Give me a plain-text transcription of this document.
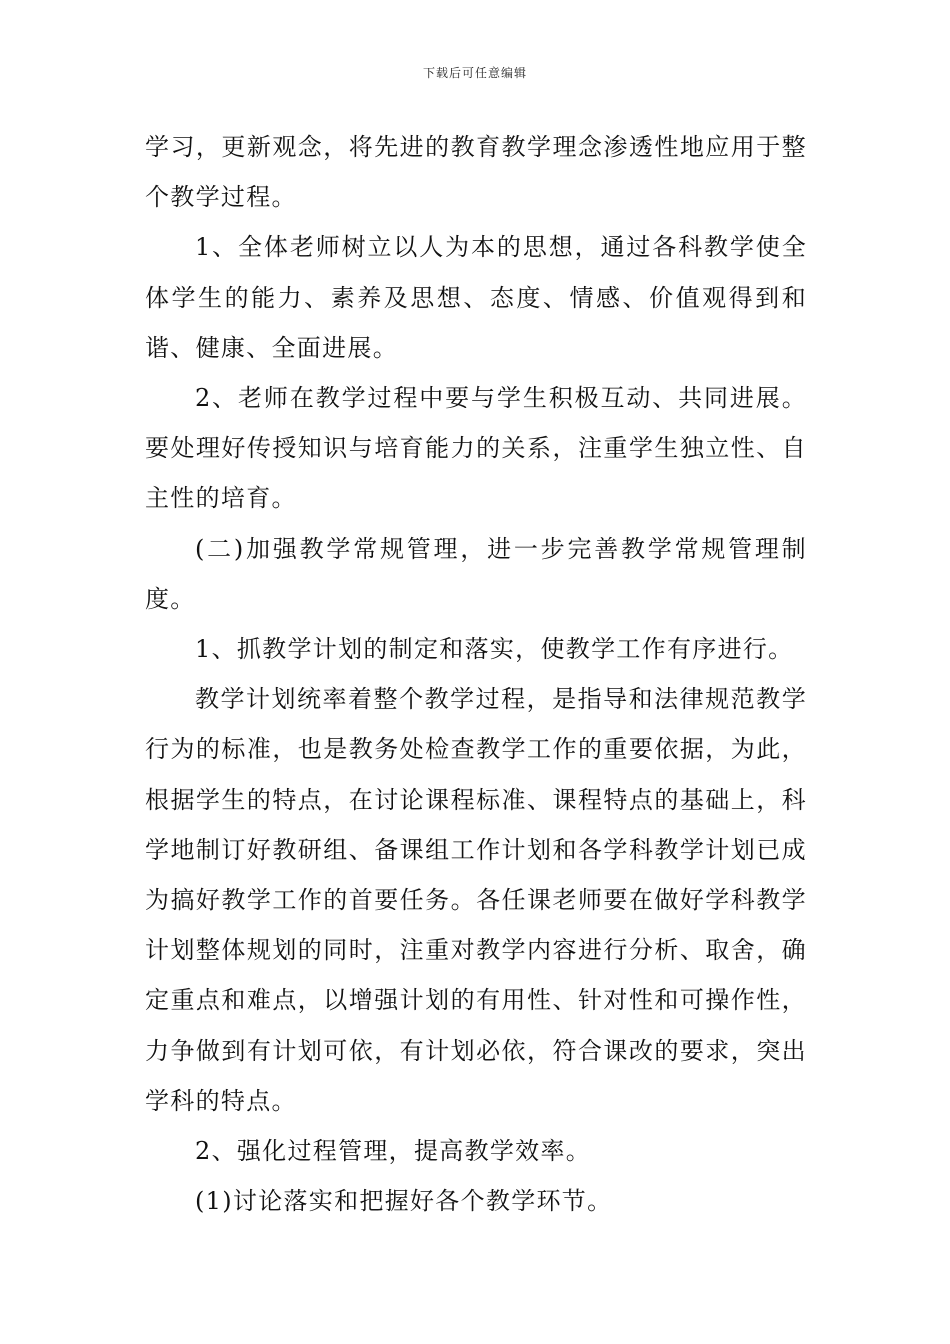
下载后可任意编辑

学习，更新观念，将先进的教育教学理念渗透性地应用于整个教学过程。

1、全体老师树立以人为本的思想，通过各科教学使全体学生的能力、素养及思想、态度、情感、价值观得到和谐、健康、全面进展。

2、老师在教学过程中要与学生积极互动、共同进展。要处理好传授知识与培育能力的关系，注重学生独立性、自主性的培育。

(二)加强教学常规管理，进一步完善教学常规管理制度。

1、抓教学计划的制定和落实，使教学工作有序进行。

教学计划统率着整个教学过程，是指导和法律规范教学行为的标准，也是教务处检查教学工作的重要依据，为此，根据学生的特点，在讨论课程标准、课程特点的基础上，科学地制订好教研组、备课组工作计划和各学科教学计划已成为搞好教学工作的首要任务。各任课老师要在做好学科教学计划整体规划的同时，注重对教学内容进行分析、取舍，确定重点和难点，以增强计划的有用性、针对性和可操作性，力争做到有计划可依，有计划必依，符合课改的要求，突出学科的特点。

2、强化过程管理，提高教学效率。

(1)讨论落实和把握好各个教学环节。
